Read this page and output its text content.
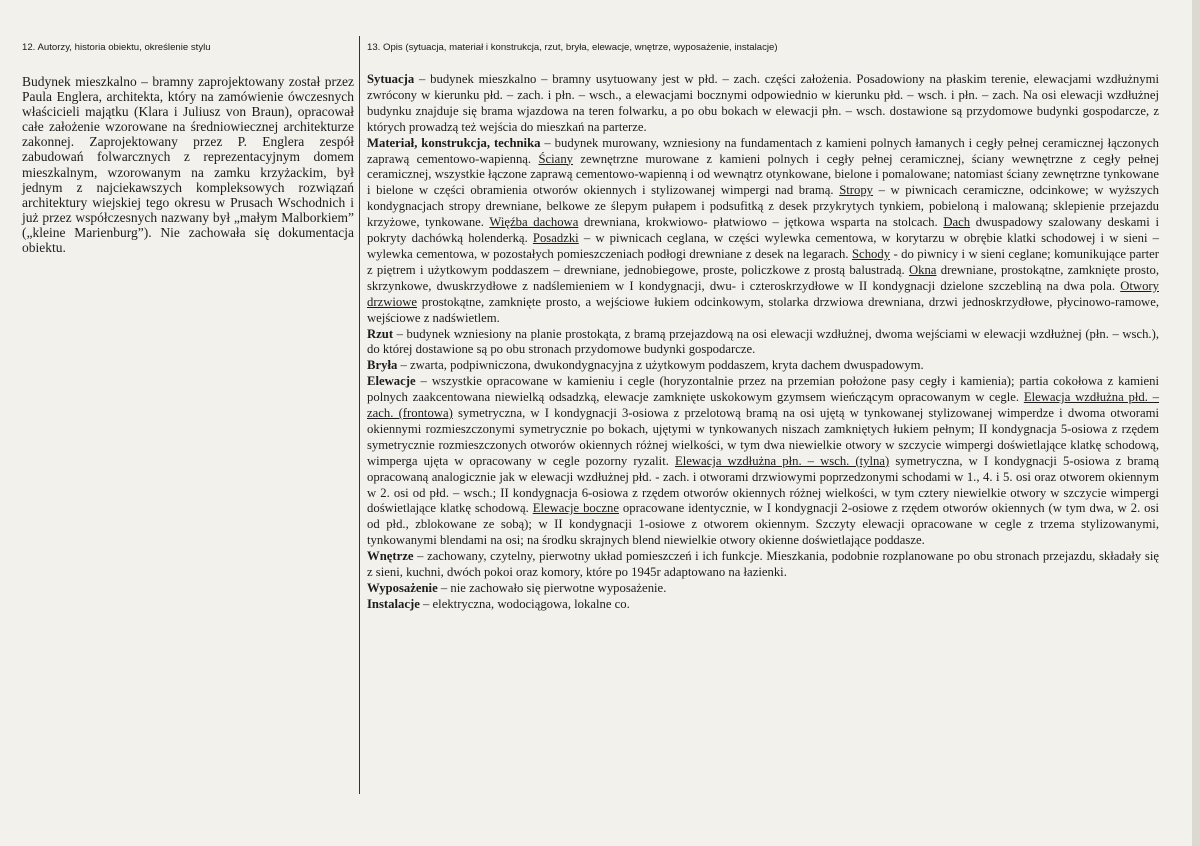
12. Autorzy, historia obiektu, określenie stylu	13. Opis (sytuacja, materiał i konstrukcja, rzut, bryła, elewacje, wnętrze, wyposażenie, instalacje)
Budynek mieszkalno – bramny zaprojektowany został przez Paula Englera, architekta, który na zamówienie ówczesnych właścicieli majątku (Klara i Juliusz von Braun), opracował całe założenie wzorowane na średniowiecznej architekturze zakonnej. Zaprojektowany przez P. Englera zespół zabudowań folwarcznych z reprezentacyjnym domem mieszkalnym, wzorowanym na zamku krzyżackim, był jednym z najciekawszych kompleksowych rozwiązań architektury wiejskiej tego okresu w Prusach Wschodnich i już przez współczesnych nazwany był „małym Malborkiem” („kleine Marienburg”). Nie zachowała się dokumentacja obiektu.

Sytuacja – budynek mieszkalno – bramny usytuowany jest w płd. – zach. części założenia. Posadowiony na płaskim terenie, elewacjami wzdłużnymi zwrócony w kierunku płd. – zach. i płn. – wsch., a elewacjami bocznymi odpowiednio w kierunku płd. – wsch. i płn. – zach. Na osi elewacji wzdłużnej budynku znajduje się brama wjazdowa na teren folwarku, a po obu bokach w elewacji płn. – wsch. dostawione są przydomowe budynki gospodarcze, z których prowadzą też wejścia do mieszkań na parterze.

Materiał, konstrukcja, technika – budynek murowany, wzniesiony na fundamentach z kamieni polnych łamanych i cegły pełnej ceramicznej łączonych zaprawą cementowo-wapienną. Ściany zewnętrzne murowane z kamieni polnych i cegły pełnej ceramicznej, ściany wewnętrzne z cegły pełnej ceramicznej, wszystkie łączone zaprawą cementowo-wapienną i od wewnątrz otynkowane, bielone i pomalowane; natomiast ściany zewnętrzne tynkowane i bielone w części obramienia otworów okiennych i stylizowanej wimpergi nad bramą. Stropy – w piwnicach ceramiczne, odcinkowe; w wyższych kondygnacjach stropy drewniane, belkowe ze ślepym pułapem i podsufitką z desek przykrytych tynkiem, pobieloną i malowaną; sklepienie przejazdu krzyżowe, tynkowane. Więźba dachowa drewniana, krokwiowo- płatwiowo – jętkowa wsparta na stolcach. Dach dwuspadowy szalowany deskami i pokryty dachówką holenderką. Posadzki – w piwnicach ceglana, w części wylewka cementowa, w korytarzu w obrębie klatki schodowej i w sieni – wylewka cementowa, w pozostałych pomieszczeniach podłogi drewniane z desek na legarach. Schody - do piwnicy i w sieni ceglane; komunikujące parter z piętrem i użytkowym poddaszem – drewniane, jednobiegowe, proste, policzkowe z prostą balustradą. Okna drewniane, prostokątne, zamknięte prosto, skrzynkowe, dwuskrzydłowe z nadślemieniem w I kondygnacji, dwu- i czteroskrzydłowe w II kondygnacji dzielone szczebliną na dwa pola. Otwory drzwiowe prostokątne, zamknięte prosto, a wejściowe łukiem odcinkowym, stolarka drzwiowa drewniana, drzwi jednoskrzydłowe, płycinowo-ramowe, wejściowe z nadświetlem.

Rzut – budynek wzniesiony na planie prostokąta, z bramą przejazdową na osi elewacji wzdłużnej, dwoma wejściami w elewacji wzdłużnej (płn. – wsch.), do której dostawione są po obu stronach przydomowe budynki gospodarcze.

Bryła – zwarta, podpiwniczona, dwukondygnacyjna z użytkowym poddaszem, kryta dachem dwuspadowym.

Elewacje – wszystkie opracowane w kamieniu i cegle (horyzontalnie przez na przemian położone pasy cegły i kamienia); partia cokołowa z kamieni polnych zaakcentowana niewielką odsadzką, elewacje zamknięte uskokowym gzymsem wieńczącym opracowanym w cegle. Elewacja wzdłużna płd. – zach. (frontowa) symetryczna, w I kondygnacji 3-osiowa z przelotową bramą na osi ujętą w tynkowanej stylizowanej wimperdze i dwoma otworami okiennymi rozmieszczonymi symetrycznie po bokach, ujętymi w tynkowanych niszach zamkniętych łukiem pełnym; II kondygnacja 5-osiowa z rzędem symetrycznie rozmieszczonych otworów okiennych różnej wielkości, w tym dwa niewielkie otwory w szczycie wimpergi doświetlające klatkę schodową, wimperga ujęta w opracowany w cegle pozorny ryzalit. Elewacja wzdłużna płn. – wsch. (tylna) symetryczna, w I kondygnacji 5-osiowa z bramą opracowaną analogicznie jak w elewacji wzdłużnej płd. - zach. i otworami drzwiowymi poprzedzonymi schodami w 1., 4. i 5. osi oraz otworem okiennym w 2. osi od płd. – wsch.; II kondygnacja 6-osiowa z rzędem otworów okiennych różnej wielkości, w tym cztery niewielkie otwory w szczycie wimpergi doświetlające klatkę schodową. Elewacje boczne opracowane identycznie, w I kondygnacji 2-osiowe z rzędem otworów okiennych (w tym dwa, w 2. osi od płd., zblokowane ze sobą); w II kondygnacji 1-osiowe z otworem okiennym. Szczyty elewacji opracowane w cegle z trzema stylizowanymi, tynkowanymi blendami na osi; na środku skrajnych blend niewielkie otwory okienne doświetlające poddasze.

Wnętrze – zachowany, czytelny, pierwotny układ pomieszczeń i ich funkcje. Mieszkania, podobnie rozplanowane po obu stronach przejazdu, składały się z sieni, kuchni, dwóch pokoi oraz komory, które po 1945r adaptowano na łazienki.

Wyposażenie – nie zachowało się pierwotne wyposażenie.

Instalacje – elektryczna, wodociągowa, lokalne co.
